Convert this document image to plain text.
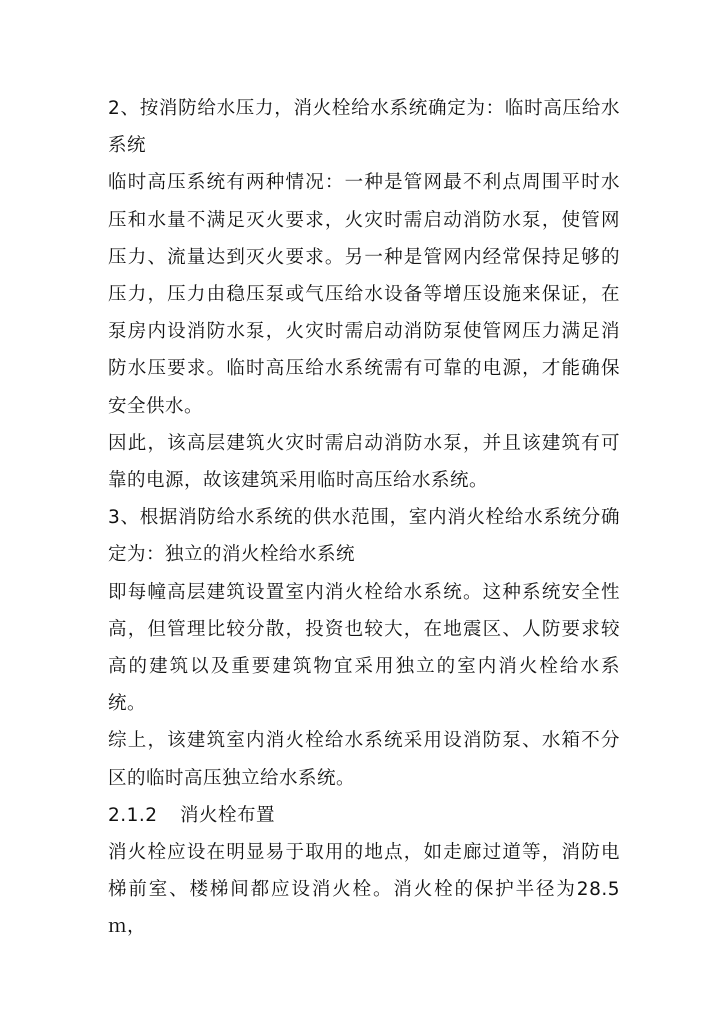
2、按消防给水压力，消火栓给水系统确定为：临时高压给水系统

临时高压系统有两种情况：一种是管网最不利点周围平时水压和水量不满足灭火要求，火灾时需启动消防水泵，使管网压力、流量达到灭火要求。另一种是管网内经常保持足够的压力，压力由稳压泵或气压给水设备等增压设施来保证，在泵房内设消防水泵，火灾时需启动消防泵使管网压力满足消防水压要求。临时高压给水系统需有可靠的电源，才能确保安全供水。

因此，该高层建筑火灾时需启动消防水泵，并且该建筑有可靠的电源，故该建筑采用临时高压给水系统。

3、根据消防给水系统的供水范围，室内消火栓给水系统分确定为：独立的消火栓给水系统

即每幢高层建筑设置室内消火栓给水系统。这种系统安全性高，但管理比较分散，投资也较大，在地震区、人防要求较高的建筑以及重要建筑物宜采用独立的室内消火栓给水系统。

综上，该建筑室内消火栓给水系统采用设消防泵、水箱不分区的临时高压独立给水系统。

2.1.2 消火栓布置

消火栓应设在明显易于取用的地点，如走廊过道等，消防电梯前室、楼梯间都应设消火栓。消火栓的保护半径为28.5ｍ，
